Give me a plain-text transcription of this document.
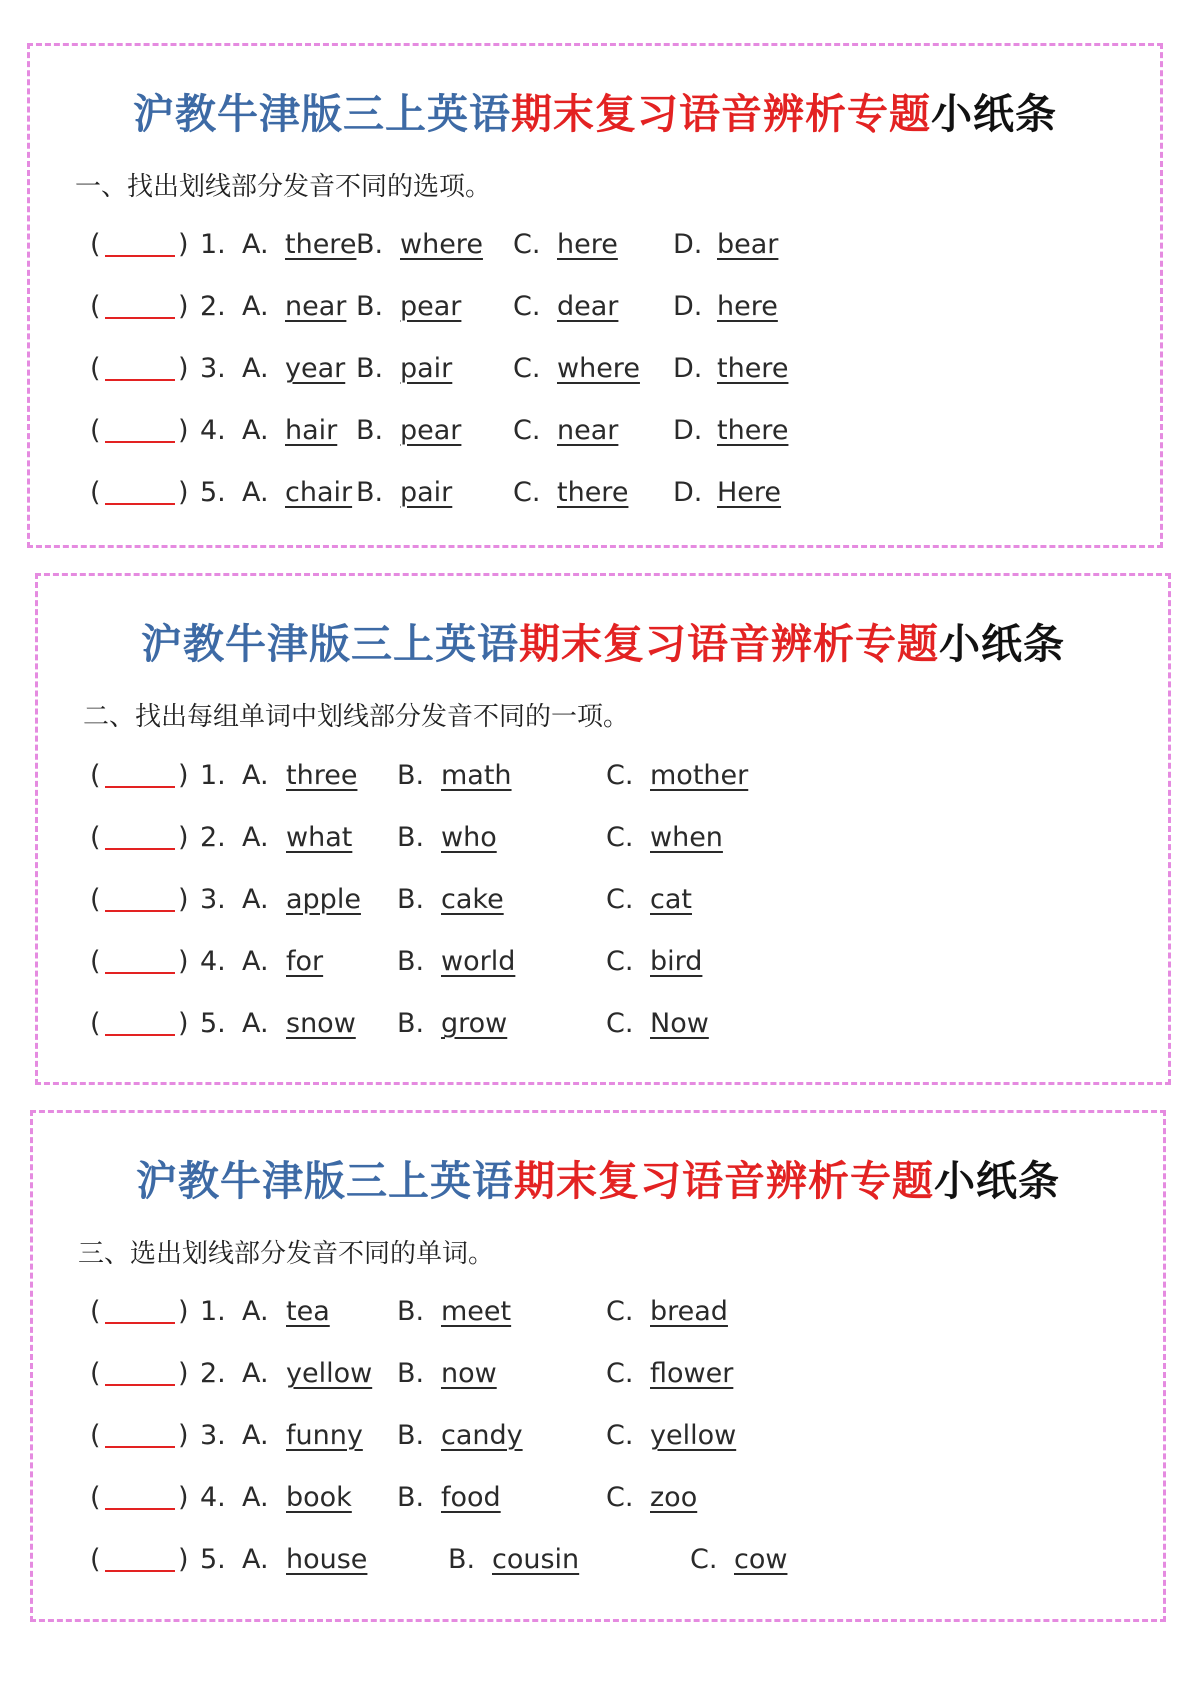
沪教牛津版三上英语期末复习语音辨析专题小纸条
一、找出划线部分发音不同的选项。
(	) 1. A. there B. where C. here D. bear
(	) 2. A. near B. pear C. dear D. here
(	) 3. A. year B. pair C. where D. there
(	) 4. A. hair B. pear C. near D. there
(	) 5. A. chair B. pair C. there D. Here
沪教牛津版三上英语期末复习语音辨析专题小纸条
二、找出每组单词中划线部分发音不同的一项。
(	) 1. A. three B. math	C. mother
(	) 2. A. what B. who	C. when
(	) 3. A. apple B. cake	C. cat
(	) 4. A. for	B. world	C. bird
(	) 5. A. snow B. grow	C. Now
沪教牛津版三上英语期末复习语音辨析专题小纸条
三、选出划线部分发音不同的单词。
(	) 1. A. tea B. meet	C. bread
(	) 2. A. yellow B. now	C. flower
(	) 3. A. funny B. candy	C. yellow
(	) 4. A. book B. food	C. zoo
(	) 5. A. house	B. cousin	C. cow
